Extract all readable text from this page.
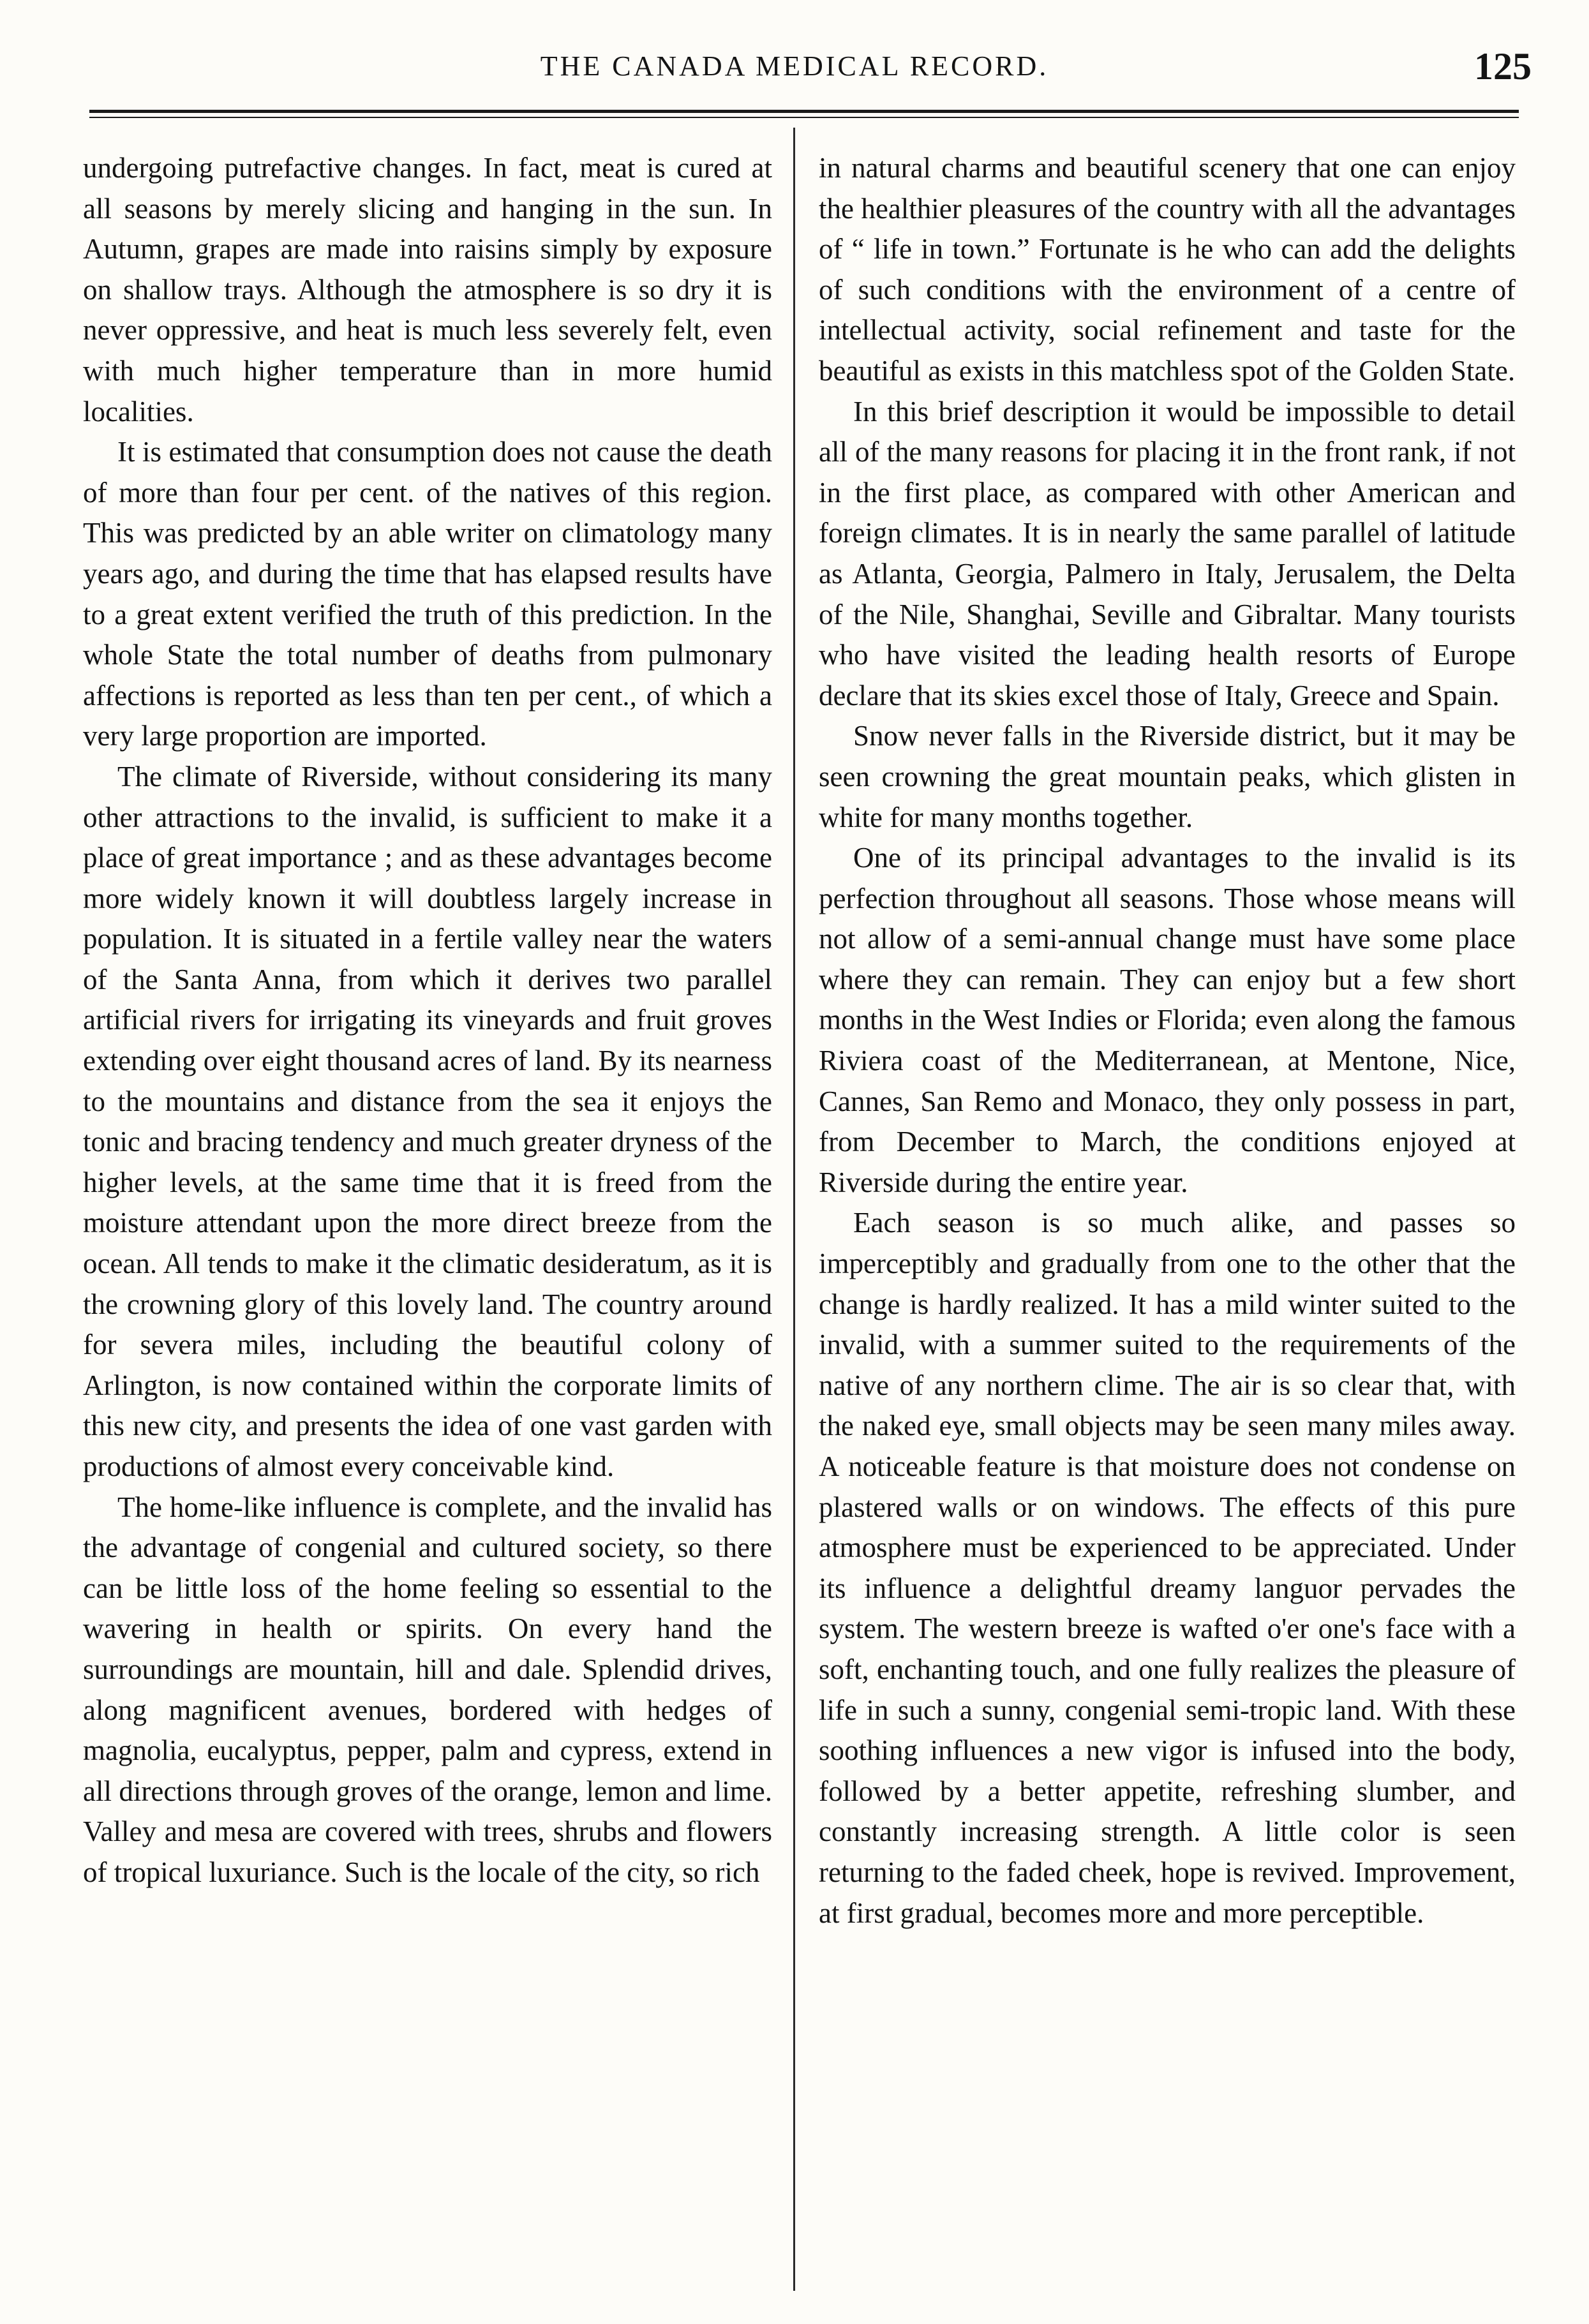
THE CANADA MEDICAL RECORD.	125

undergoing putrefactive changes. In fact, meat is cured at all seasons by merely slicing and hanging in the sun. In Autumn, grapes are made into raisins simply by exposure on shallow trays. Although the atmosphere is so dry it is never oppressive, and heat is much less severely felt, even with much higher temperature than in more humid localities.

It is estimated that consumption does not cause the death of more than four per cent. of the natives of this region. This was predicted by an able writer on climatology many years ago, and during the time that has elapsed results have to a great extent verified the truth of this prediction. In the whole State the total number of deaths from pulmonary affections is reported as less than ten per cent., of which a very large proportion are imported.

The climate of Riverside, without considering its many other attractions to the invalid, is sufficient to make it a place of great importance ; and as these advantages become more widely known it will doubtless largely increase in population. It is situated in a fertile valley near the waters of the Santa Anna, from which it derives two parallel artificial rivers for irrigating its vineyards and fruit groves extending over eight thousand acres of land. By its nearness to the mountains and distance from the sea it enjoys the tonic and bracing tendency and much greater dryness of the higher levels, at the same time that it is freed from the moisture attendant upon the more direct breeze from the ocean. All tends to make it the climatic desideratum, as it is the crowning glory of this lovely land. The country around for severa miles, including the beautiful colony of Arlington, is now contained within the corporate limits of this new city, and presents the idea of one vast garden with productions of almost every conceivable kind.

The home-like influence is complete, and the invalid has the advantage of congenial and cultured society, so there can be little loss of the home feeling so essential to the wavering in health or spirits. On every hand the surroundings are mountain, hill and dale. Splendid drives, along magnificent avenues, bordered with hedges of magnolia, eucalyptus, pepper, palm and cypress, extend in all directions through groves of the orange, lemon and lime. Valley and mesa are covered with trees, shrubs and flowers of tropical luxuriance. Such is the locale of the city, so rich

in natural charms and beautiful scenery that one can enjoy the healthier pleasures of the country with all the advantages of “ life in town.” Fortunate is he who can add the delights of such conditions with the environment of a centre of intellectual activity, social refinement and taste for the beautiful as exists in this matchless spot of the Golden State.

In this brief description it would be impossible to detail all of the many reasons for placing it in the front rank, if not in the first place, as compared with other American and foreign climates. It is in nearly the same parallel of latitude as Atlanta, Georgia, Palmero in Italy, Jerusalem, the Delta of the Nile, Shanghai, Seville and Gibraltar. Many tourists who have visited the leading health resorts of Europe declare that its skies excel those of Italy, Greece and Spain.

Snow never falls in the Riverside district, but it may be seen crowning the great mountain peaks, which glisten in white for many months together.

One of its principal advantages to the invalid is its perfection throughout all seasons. Those whose means will not allow of a semi-annual change must have some place where they can remain. They can enjoy but a few short months in the West Indies or Florida; even along the famous Riviera coast of the Mediterranean, at Mentone, Nice, Cannes, San Remo and Monaco, they only possess in part, from December to March, the conditions enjoyed at Riverside during the entire year.

Each season is so much alike, and passes so imperceptibly and gradually from one to the other that the change is hardly realized. It has a mild winter suited to the invalid, with a summer suited to the requirements of the native of any northern clime. The air is so clear that, with the naked eye, small objects may be seen many miles away. A noticeable feature is that moisture does not condense on plastered walls or on windows. The effects of this pure atmosphere must be experienced to be appreciated. Under its influence a delightful dreamy languor pervades the system. The western breeze is wafted o'er one's face with a soft, enchanting touch, and one fully realizes the pleasure of life in such a sunny, congenial semi-tropic land. With these soothing influences a new vigor is infused into the body, followed by a better appetite, refreshing slumber, and constantly increasing strength. A little color is seen returning to the faded cheek, hope is revived. Improvement, at first gradual, becomes more and more perceptible.
